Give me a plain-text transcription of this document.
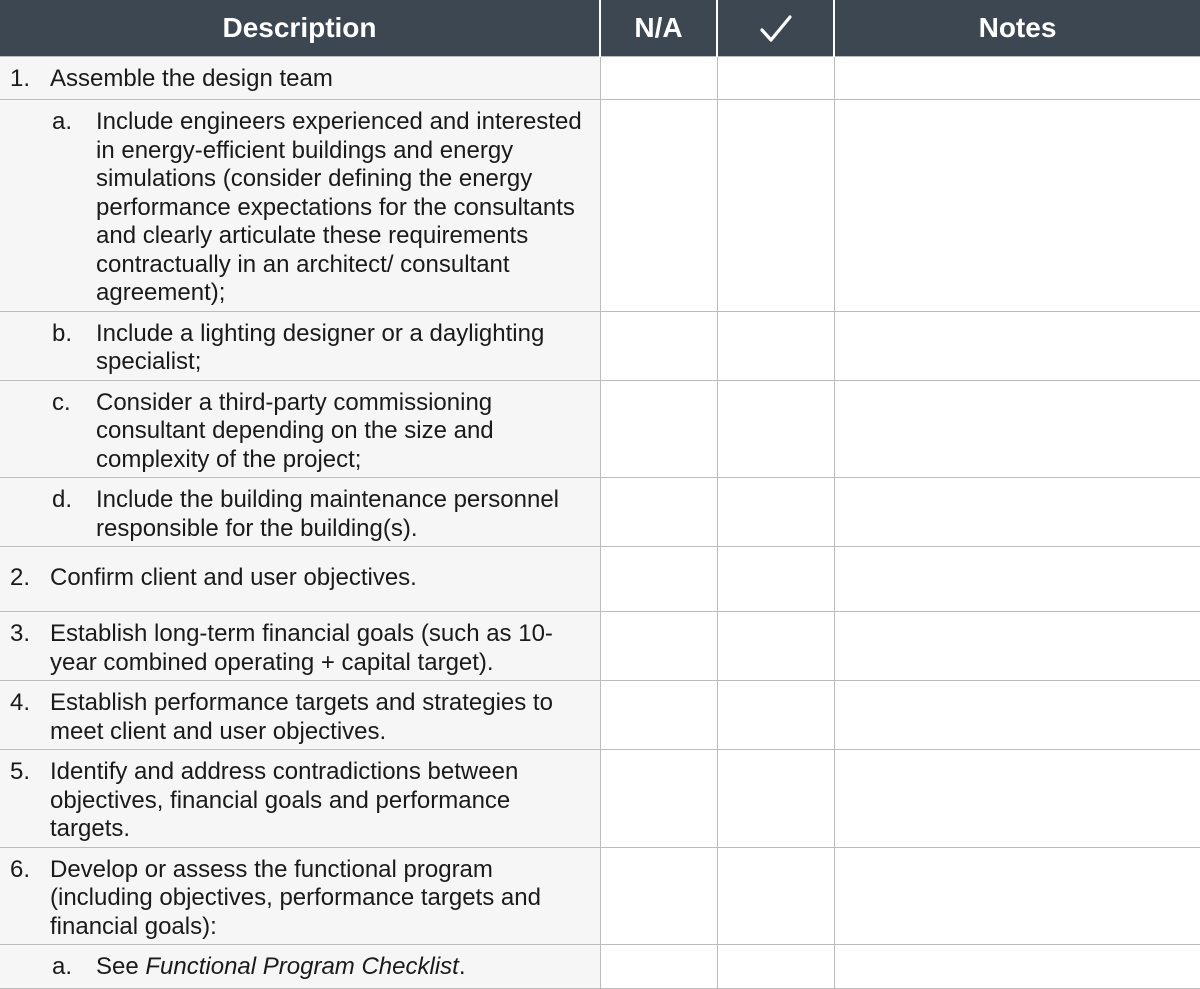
Description	N/A		Notes

1. Assemble the design team			

a. Include engineers experienced and interested in energy-efficient buildings and energy simulations (consider defining the energy performance expectations for the consultants and clearly articulate these requirements contractually in an architect/ consultant agreement);			

b. Include a lighting designer or a daylighting specialist;			

c. Consider a third-party commissioning consultant depending on the size and complexity of the project;			

d. Include the building maintenance personnel responsible for the building(s).			

2. Confirm client and user objectives.			

3. Establish long-term financial goals (such as 10-year combined operating + capital target).			

4. Establish performance targets and strategies to meet client and user objectives.			

5. Identify and address contradictions between objectives, financial goals and performance targets.			

6. Develop or assess the functional program (including objectives, performance targets and financial goals):			

a. See Functional Program Checklist.			
